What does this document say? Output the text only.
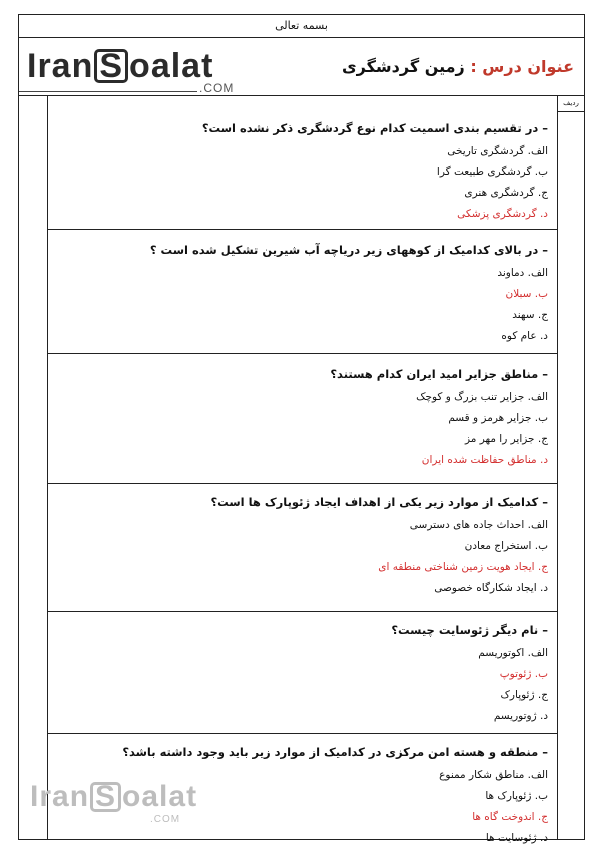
بسمه تعالی
Iran S oalat
.COM
عنوان درس : زمین گردشگری
ردیف
– در تقسیم بندی اسمیت کدام نوع گردشگری ذکر نشده است؟
الف. گردشگری تاریخی
ب. گردشگری طبیعت گرا
ج. گردشگری هنری
د. گردشگری پزشکی
– در بالای کدامیک از کوههای زیر دریاچه آب شیرین تشکیل شده است ؟
الف. دماوند
ب. سبلان
ج. سهند
د. عام کوه
– مناطق جزایر امید ایران کدام هستند؟
الف. جزایر تنب بزرگ و کوچک
ب. جزایر هرمز و قسم
ج. جزایر را مهر مز
د. مناطق حفاظت شده ایران
– کدامیک از موارد زیر یکی از اهداف ایجاد ژئوپارک ها است؟
الف. احداث جاده های دسترسی
ب. استخراج معادن
ج. ایجاد هویت زمین شناختی منطقه ای
د. ایجاد شکارگاه خصوصی
– نام دیگر ژئوسایت چیست؟
الف. اکوتوریسم
ب. ژئوتوپ
ج. ژئوپارک
د. ژوتوریسم
– منطقه و هسته امن مرکزی در کدامیک از موارد زیر باید وجود داشته باشد؟
الف. مناطق شکار ممنوع
ب. ژئوپارک ها
ج. اندوخت گاه ها
د. ژئوسایت ها
Iran S oalat
.COM
